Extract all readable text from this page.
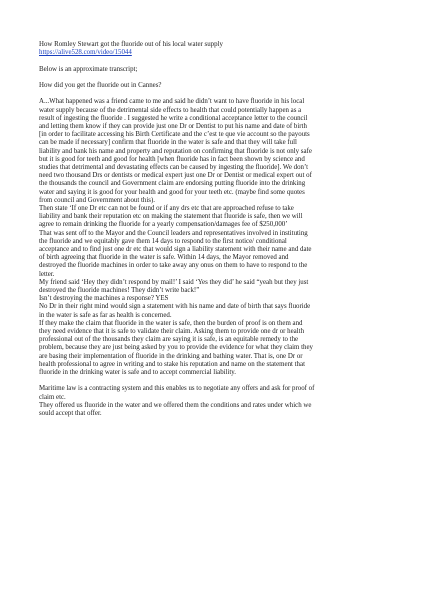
How Romley Stewart got the fluoride out of his local water supply
https://alive528.com/video/15044
Below is an approximate transcript;
How did you get the fluoride out in Cannes?
A...What happened was a friend came to me and said he didn’t want to have fluoride in his local
water supply because of the detrimental side effects to health that could potentially happen as a
result of ingesting the fluoride . I suggested he write a conditional acceptance letter to the council
and letting them know if they can provide just one Dr or Dentist to put his name and date of birth
[in order to facilitate accessing his Birth Certificate and the c’est te que vie account so the payouts
can be made if necessary] confirm that fluoride in the water is safe and that they will take full
liability and bank his name and property and reputation on confirming that fluoride is not only safe
but it is good for teeth and good for health [when fluoride has in fact been shown by science and
studies that detrimental and devastating effects can be caused by ingesting the fluoride]. We don’t
need two thousand Drs or dentists or medical expert just one Dr or Dentist or medical expert out of
the thousands the council and Government claim are endorsing putting fluoride into the drinking
water and saying it is good for your health and good for your teeth etc. (maybe find some quotes
from council and Government about this).
Then state ‘If one Dr etc can not be found or if any drs etc that are approached refuse to take
liability and bank their reputation etc on making the statement that fluoride is safe, then we will
agree to remain drinking the fluoride for a yearly compensation/damages fee of $250,000’
That was sent off to the Mayor and the Council leaders and representatives involved in instituting
the fluoride and we equitably gave them 14 days to respond to the first notice/ conditional
acceptance and to find just one dr etc that would sign a liability statement with their name and date
of birth agreeing that fluoride in the water is safe. Within 14 days, the Mayor removed and
destroyed the fluoride machines in order to take away any onus on them to have to respond to the
letter.
My friend said ‘Hey they didn’t respond by mail!’ I said ‘Yes they did’ he said “yeah but they just
destroyed the fluoride machines! They didn’t write back!”
Isn’t destroying the machines a response? YES
No Dr in their right mind would sign a statement with his name and date of birth that says fluoride
in the water is safe as far as health is concerned.
If they make the claim that fluoride in the water is safe, then the burden of proof is on them and
they need evidence that it is safe to validate their claim. Asking them to provide one dr or health
professional out of the thousands they claim are saying it is safe, is an equitable remedy to the
problem, because they are just being asked by you to provide the evidence for what they claim they
are basing their implementation of fluoride in the drinking and bathing water. That is, one Dr or
health professional to agree in writing and to stake his reputation and name on the statement that
fluoride in the drinking water is safe and to accept commercial liability.
Maritime law is a contracting system and this enables us to negotiate any offers and ask for proof of
claim etc.
They offered us fluoride in the water and we offered them the conditions and rates under which we
sould accept that offer.
